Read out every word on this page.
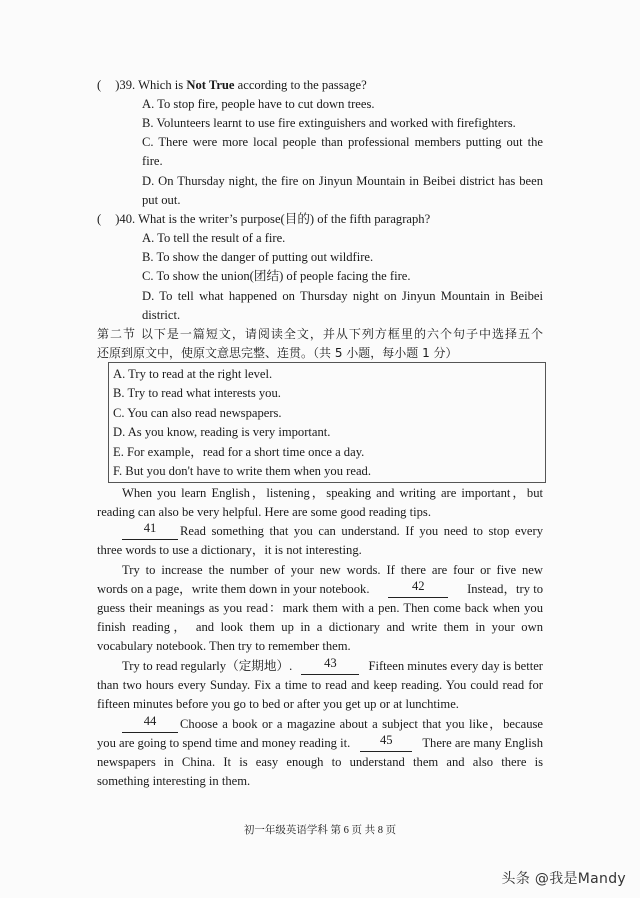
( )39. Which is Not True according to the passage?
A. To stop fire, people have to cut down trees.
B. Volunteers learnt to use fire extinguishers and worked with firefighters.
C. There were more local people than professional members putting out the
fire.
D. On Thursday night, the fire on Jinyun Mountain in Beibei district has been
put out.
( )40. What is the writer’s purpose(目的) of the fifth paragraph?
A. To tell the result of a fire.
B. To show the danger of putting out wildfire.
C. To show the union(团结) of people facing the fire.
D. To tell what happened on Thursday night on Jinyun Mountain in Beibei
district.
第二节 以下是一篇短文，请阅读全文，并从下列方框里的六个句子中选择五个
还原到原文中，使原文意思完整、连贯。（共 5 小题，每小题 1 分）
A. Try to read at the right level.
B. Try to read what interests you.
C. You can also read newspapers.
D. As you know, reading is very important.
E. For example，read for a short time once a day.
F. But you don't have to write them when you read.
When you learn English，listening，speaking and writing are important，but
reading can also be very helpful. Here are some good reading tips.
41	Read something that you can understand. If you need to stop every
three words to use a dictionary，it is not interesting.
Try to increase the number of your new words. If there are four or five new
words on a page，write them down in your notebook.	42	Instead，try to
guess their meanings as you read：mark them with a pen. Then come back when you
finish reading， and look them up in a dictionary and write them in your own
vocabulary notebook. Then try to remember them.
Try to read regularly（定期地）.	43	Fifteen minutes every day is better
than two hours every Sunday. Fix a time to read and keep reading. You could read for
fifteen minutes before you go to bed or after you get up or at lunchtime.
44	Choose a book or a magazine about a subject that you like，because
you are going to spend time and money reading it.	45	There are many English
newspapers in China. It is easy enough to understand them and also there is
something interesting in them.
初一年级英语学科 第 6 页 共 8 页
头条 @我是Mandy
